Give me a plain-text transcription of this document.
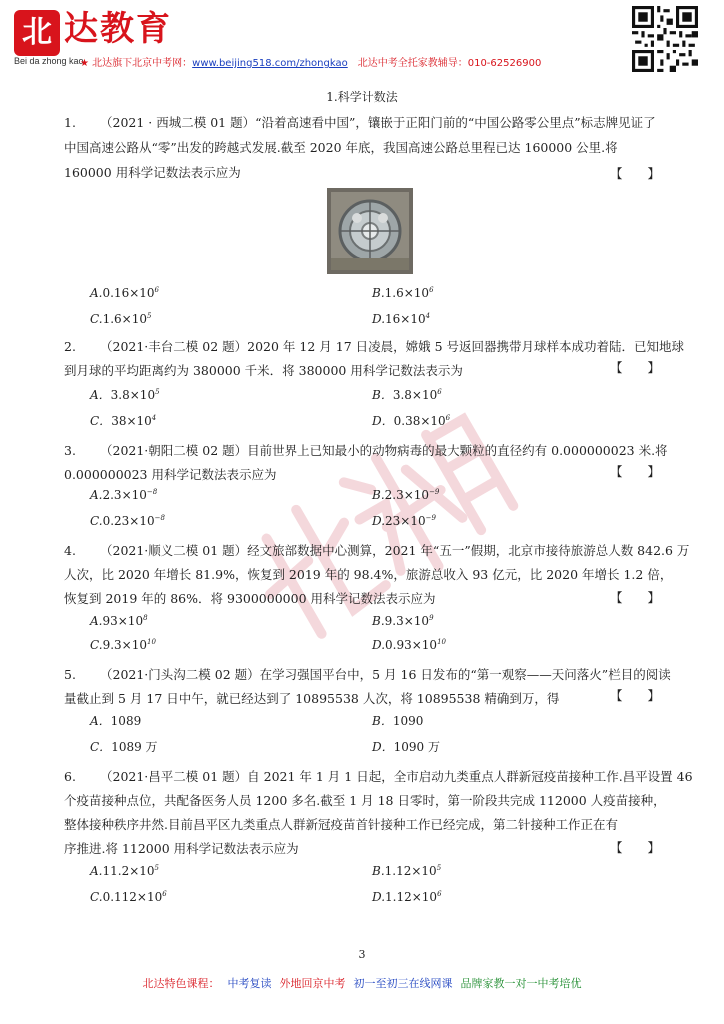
北 达教育
Bei da zhong kao
★ 北达旗下北京中考网：www.beijing518.com/zhongkao　 北达中考全托家教辅导：010-62526900
1.科学计数法
1.	（2021 · 西城二模 01 题）“沿着高速看中国”，镶嵌于正阳门前的“中国公路零公里点”标志牌见证了
中国高速公路从“零”出发的跨越式发展.截至 2020 年底，我国高速公路总里程已达 160000 公里.将
160000 用科学记数法表示应为	【　　】
$A.0.16\times 10^6$	$B.1.6\times 10^6$
$C.1.6\times 10^5$	$D.16\times 10^4$
2.	（2021·丰台二模 02 题）2020 年 12 月 17 日凌晨，嫦娥 5 号返回器携带月球样本成功着陆．已知地球
到月球的平均距离约为 380000 千米．将 380000 用科学记数法表示为	【　　】
A．$3.8\times 10^5$	B．$3.8\times 10^6$
C．$38\times 10^4$	D．$0.38\times 10^6$
3.	（2021·朝阳二模 02 题）目前世界上已知最小的动物病毒的最大颗粒的直径约有 0.000000023 米.将
0.000000023 用科学记数法表示应为	【　　】
$A.2.3\times 10^{-8}$	$B.2.3\times 10^{-9}$
$C.0.23\times 10^{-8}$	$D.23\times 10^{-9}$
4.	（2021·顺义二模 01 题）经文旅部数据中心测算，2021 年“五一”假期，北京市接待旅游总人数 842.6 万
人次，比 2020 年增长 81.9%，恢复到 2019 年的 98.4%，旅游总收入 93 亿元，比 2020 年增长 1.2 倍，
恢复到 2019 年的 86%．将 9300000000 用科学记数法表示应为	【　　】
$A.93\times 10^8$	$B.9.3\times 10^9$
$C.9.3\times 10^{10}$	$D.0.93\times 10^{10}$
5.	（2021·门头沟二模 02 题）在学习强国平台中，5 月 16 日发布的“第一观察——天问落火”栏目的阅读
量截止到 5 月 17 日中午，就已经达到了 10895538 人次，将 10895538 精确到万，得	【　　】
A．1089	B．1090
C．1089 万	D．1090 万
6.	（2021·昌平二模 01 题）自 2021 年 1 月 1 日起，全市启动九类重点人群新冠疫苗接种工作.昌平设置 46
个疫苗接种点位，共配备医务人员 1200 多名.截至 1 月 18 日零时，第一阶段共完成 112000 人疫苗接种，
整体接种秩序井然.目前昌平区九类重点人群新冠疫苗首针接种工作已经完成，第二针接种工作正在有
序推进.将 112000 用科学记数法表示应为	【　　】
$A.11.2\times 10^5$	$B.1.12\times 10^5$
$C.0.112\times 10^6$	$D.1.12\times 10^6$
3
北达特色课程： 中考复读 外地回京中考 初一至初三在线网课 品牌家教一对一中考培优
